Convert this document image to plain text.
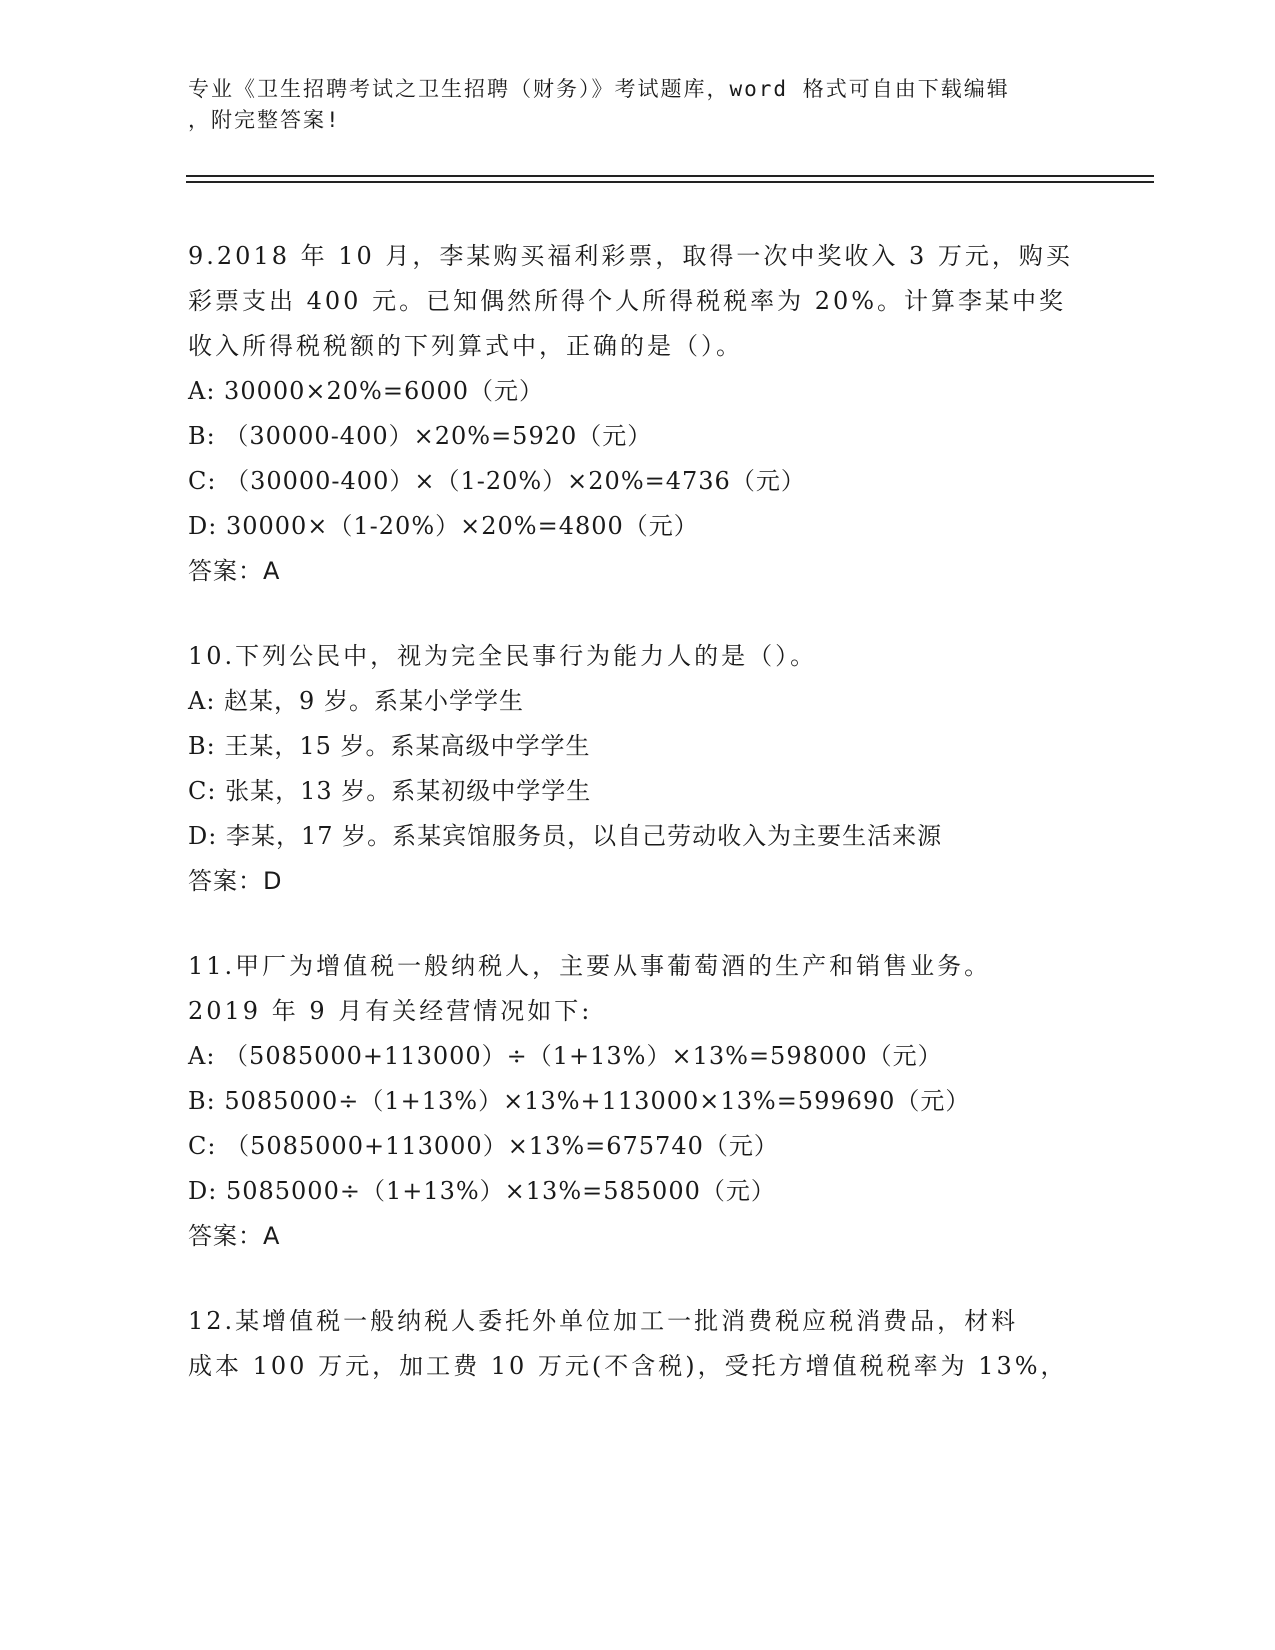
专业《卫生招聘考试之卫生招聘（财务）》考试题库，word 格式可自由下载编辑
，附完整答案!
9.2018 年 10 月，李某购买福利彩票，取得一次中奖收入 3 万元，购买
彩票支出 400 元。已知偶然所得个人所得税税率为 20%。计算李某中奖
收入所得税税额的下列算式中，正确的是（）。
A: 30000×20%=6000（元）
B: （30000-400）×20%=5920（元）
C: （30000-400）×（1-20%）×20%=4736（元）
D: 30000×（1-20%）×20%=4800（元）
答案：A
10.下列公民中，视为完全民事行为能力人的是（）。
A: 赵某，9 岁。系某小学学生
B: 王某，15 岁。系某高级中学学生
C: 张某，13 岁。系某初级中学学生
D: 李某，17 岁。系某宾馆服务员，以自己劳动收入为主要生活来源
答案：D
11.甲厂为增值税一般纳税人，主要从事葡萄酒的生产和销售业务。
2019 年 9 月有关经营情况如下:
A: （5085000+113000）÷（1+13%）×13%=598000（元）
B: 5085000÷（1+13%）×13%+113000×13%=599690（元）
C: （5085000+113000）×13%=675740（元）
D: 5085000÷（1+13%）×13%=585000（元）
答案：A
12.某增值税一般纳税人委托外单位加工一批消费税应税消费品，材料
成本 100 万元，加工费 10 万元(不含税)，受托方增值税税率为 13%，
